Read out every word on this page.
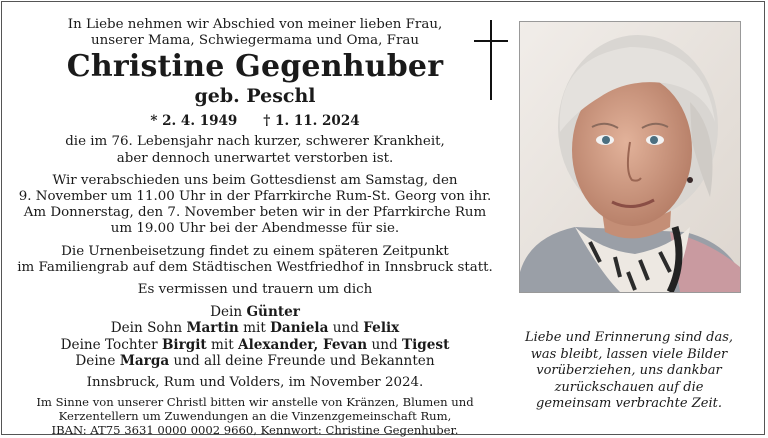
In Liebe nehmen wir Abschied von meiner lieben Frau,
unserer Mama, Schwiegermama und Oma, Frau
Christine Gegenhuber
geb. Peschl
* 2. 4. 1949 † 1. 11. 2024
die im 76. Lebensjahr nach kurzer, schwerer Krankheit,
aber dennoch unerwartet verstorben ist.
Wir verabschieden uns beim Gottesdienst am Samstag, den
9. November um 11.00 Uhr in der Pfarrkirche Rum-St. Georg von ihr.
Am Donnerstag, den 7. November beten wir in der Pfarrkirche Rum
um 19.00 Uhr bei der Abendmesse für sie.
Die Urnenbeisetzung findet zu einem späteren Zeitpunkt
im Familiengrab auf dem Städtischen Westfriedhof in Innsbruck statt.
Es vermissen und trauern um dich
Dein Günter
Dein Sohn Martin mit Daniela und Felix
Deine Tochter Birgit mit Alexander, Fevan und Tigest
Deine Marga und all deine Freunde und Bekannten
Innsbruck, Rum und Volders, im November 2024.
Im Sinne von unserer Christl bitten wir anstelle von Kränzen, Blumen und
Kerzentellern um Zuwendungen an die Vinzenzgemeinschaft Rum,
IBAN: AT75 3631 0000 0002 9660, Kennwort: Christine Gegenhuber.
Liebe und Erinnerung sind das,
was bleibt, lassen viele Bilder
vorüberziehen, uns dankbar
zurückschauen auf die
gemeinsam verbrachte Zeit.
